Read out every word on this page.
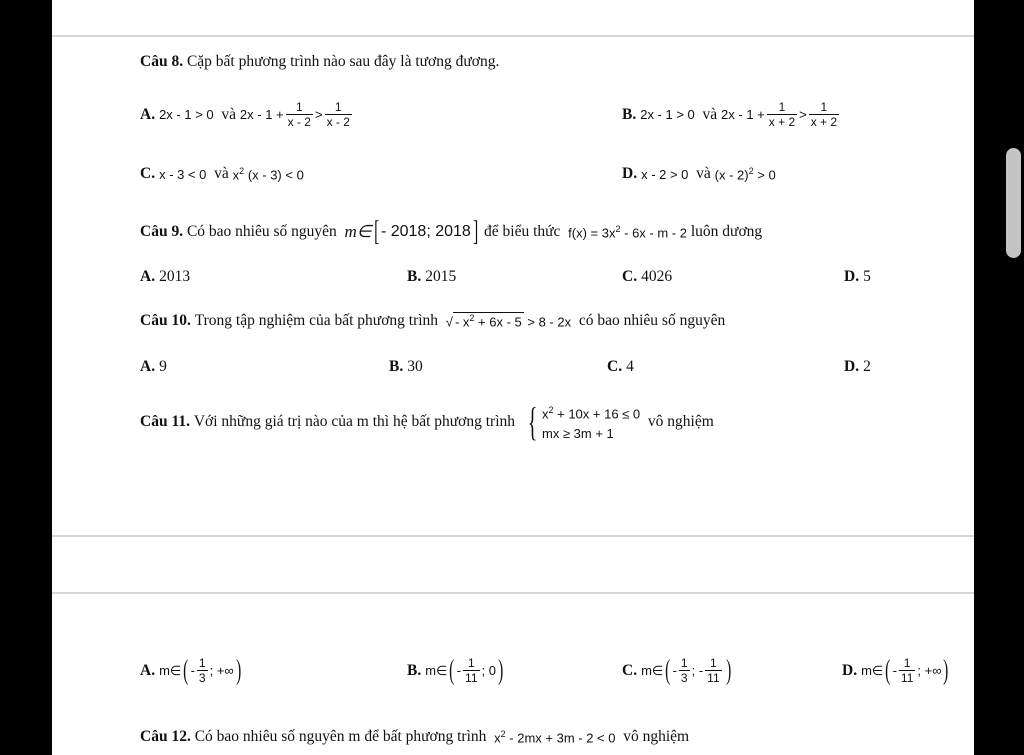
Câu 8. Cặp bất phương trình nào sau đây là tương đương.
A. 2x - 1 > 0
và
$2x - 1 + \frac{1}{x - 2} > \frac{1}{x - 2}$	B. 2x - 1 > 0
và
$2x - 1 + \frac{1}{x + 2} > \frac{1}{x + 2}$
C. x - 3 < 0
và
$x^2$ (x - 3) < 0	D. x - 2 > 0
và
(x - 2)$^2$ > 0
Câu 9.
Có bao nhiêu số nguyên
m∈ [ - 2018; 2018 ]
để biểu thức
$f(x) = 3x^2 - 6x - m - 2$
luôn dương
A. 2013	B. 2015	C. 4026	D. 5
Câu 10.
Trong tập nghiệm của bất phương trình
√ - $x^2 + 6x - 5 > 8 - 2x$
có bao nhiêu số nguyên
A. 9	B. 30	C. 4	D. 2
Câu 11.
Với những giá trị nào của m thì hệ bất phương trình
{ $x^2 + 10x + 16 \le 0$
mx ≥ 3m + 1

vô nghiệm
A. m∈ ( - $\frac{1}{3}$ ; +∞ )	B. m∈ ( - $\frac{1}{11}$ ; 0 )	C. m∈ ( - $\frac{1}{3}$ ; - $\frac{1}{11}$ )	D. m∈ ( - $\frac{1}{11}$ ; +∞ )
Câu 12.
Có bao nhiêu số nguyên m để bất phương trình
$x^2 - 2mx + 3m - 2 < 0$
vô nghiệm
